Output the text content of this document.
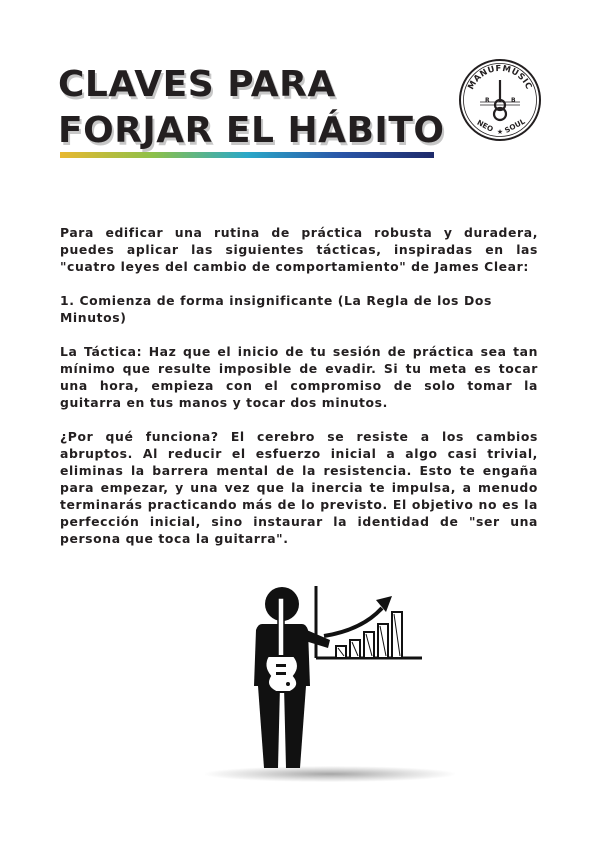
CLAVES PARA
FORJAR EL HÁBITO
MANUFMUSIC
R	B
NEO ★ SOUL

Para edificar una rutina de práctica robusta y duradera, puedes aplicar las siguientes tácticas, inspiradas en las "cuatro leyes del cambio de comportamiento" de James Clear:

1. Comienza de forma insignificante (La Regla de los Dos Minutos)

La Táctica: Haz que el inicio de tu sesión de práctica sea tan mínimo que resulte imposible de evadir. Si tu meta es tocar una hora, empieza con el compromiso de solo tomar la guitarra en tus manos y tocar dos minutos.

¿Por qué funciona? El cerebro se resiste a los cambios abruptos. Al reducir el esfuerzo inicial a algo casi trivial, eliminas la barrera mental de la resistencia. Esto te engaña para empezar, y una vez que la inercia te impulsa, a menudo terminarás practicando más de lo previsto. El objetivo no es la perfección inicial, sino instaurar la identidad de "ser una persona que toca la guitarra".
